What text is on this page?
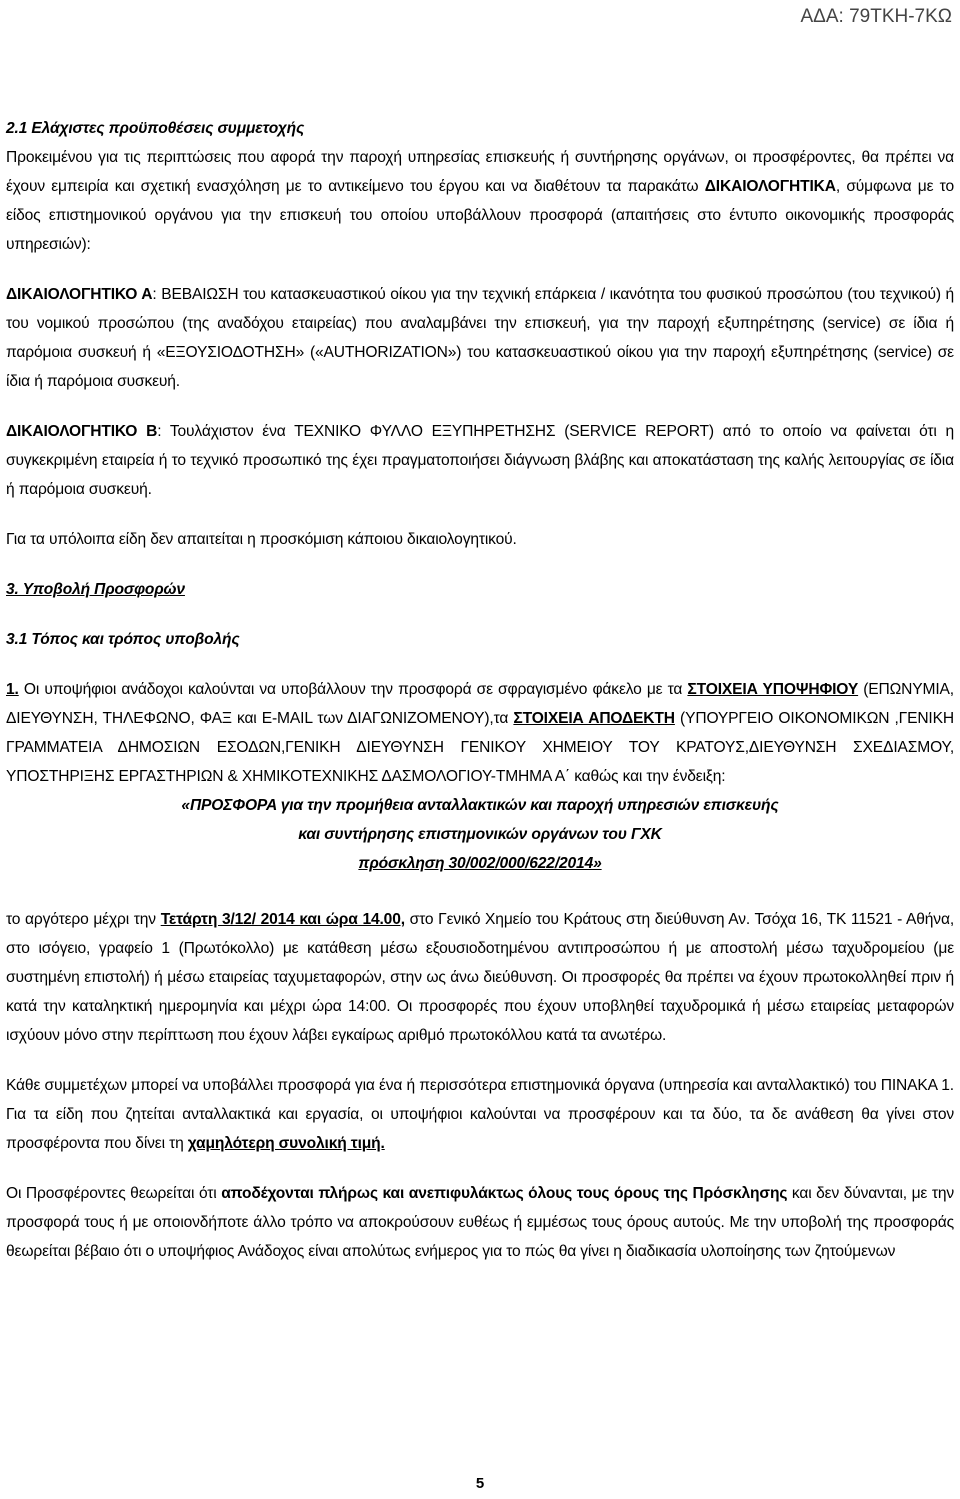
ΑΔΑ: 79ΤΚΗ-7ΚΩ

2.1 Ελάχιστες προϋποθέσεις συμμετοχής

Προκειμένου για τις περιπτώσεις που αφορά την παροχή υπηρεσίας επισκευής ή συντήρησης οργάνων, οι προσφέροντες, θα πρέπει να έχουν εμπειρία και σχετική ενασχόληση με το αντικείμενο του έργου και να διαθέτουν τα παρακάτω ΔΙΚΑΙΟΛΟΓΗΤΙΚΑ, σύμφωνα με το είδος επιστημονικού οργάνου για την επισκευή του οποίου υποβάλλουν προσφορά (απαιτήσεις στο έντυπο οικονομικής προσφοράς υπηρεσιών):

ΔΙΚΑΙΟΛΟΓΗΤΙΚΟ Α: ΒΕΒΑΙΩΣΗ του κατασκευαστικού οίκου για την τεχνική επάρκεια / ικανότητα του φυσικού προσώπου (του τεχνικού) ή του νομικού προσώπου (της αναδόχου εταιρείας) που αναλαμβάνει την επισκευή, για την παροχή εξυπηρέτησης (service) σε ίδια ή παρόμοια συσκευή ή «ΕΞΟΥΣΙΟΔΟΤΗΣΗ» («AUTHORIZATION») του κατασκευαστικού οίκου για την παροχή εξυπηρέτησης (service) σε ίδια ή παρόμοια συσκευή.

ΔΙΚΑΙΟΛΟΓΗΤΙΚΟ Β: Τουλάχιστον ένα ΤΕΧΝΙΚΟ ΦΥΛΛΟ ΕΞΥΠΗΡΕΤΗΣΗΣ (SERVICE REPORT) από το οποίο να φαίνεται ότι η συγκεκριμένη εταιρεία ή το τεχνικό προσωπικό της έχει πραγματοποιήσει διάγνωση βλάβης και αποκατάσταση της καλής λειτουργίας σε ίδια ή παρόμοια συσκευή.

Για τα υπόλοιπα είδη δεν απαιτείται η προσκόμιση κάποιου δικαιολογητικού.

3. Υποβολή Προσφορών

3.1 Τόπος και τρόπος υποβολής

1. Οι υποψήφιοι ανάδοχοι καλούνται να υποβάλλουν την προσφορά σε σφραγισμένο φάκελο με τα ΣΤΟΙΧΕΙΑ ΥΠΟΨΗΦΙΟΥ (ΕΠΩΝΥΜΙΑ, ΔΙΕΥΘΥΝΣΗ, ΤΗΛΕΦΩΝΟ, ΦΑΞ και E-MAIL των ΔΙΑΓΩΝΙΖΟΜΕΝΟΥ),τα ΣΤΟΙΧΕΙΑ ΑΠΟΔΕΚΤΗ (ΥΠΟΥΡΓΕΙΟ ΟΙΚΟΝΟΜΙΚΩΝ ,ΓΕΝΙΚΗ ΓΡΑΜΜΑΤΕΙΑ ΔΗΜΟΣΙΩΝ ΕΣΟΔΩΝ,ΓΕΝΙΚΗ ΔΙΕΥΘΥΝΣΗ ΓΕΝΙΚΟΥ ΧΗΜΕΙΟΥ ΤΟΥ ΚΡΑΤΟΥΣ,ΔΙΕΥΘΥΝΣΗ ΣΧΕΔΙΑΣΜΟΥ, ΥΠΟΣΤΗΡΙΞΗΣ ΕΡΓΑΣΤΗΡΙΩΝ & ΧΗΜΙΚΟΤΕΧΝΙΚΗΣ ΔΑΣΜΟΛΟΓΙΟΥ-ΤΜΗΜΑ Α΄ καθώς και την ένδειξη:

«ΠΡΟΣΦΟΡΑ για την προμήθεια ανταλλακτικών και παροχή υπηρεσιών επισκευής
και συντήρησης επιστημονικών οργάνων του ΓΧΚ
πρόσκληση 30/002/000/622/2014»

το αργότερο μέχρι την Τετάρτη 3/12/ 2014 και ώρα 14.00, στο Γενικό Χημείο του Κράτους στη διεύθυνση Αν. Τσόχα 16, ΤΚ 11521 - Αθήνα, στο ισόγειο, γραφείο 1 (Πρωτόκολλο) με κατάθεση μέσω εξουσιοδοτημένου αντιπροσώπου ή με αποστολή μέσω ταχυδρομείου (με συστημένη επιστολή) ή μέσω εταιρείας ταχυμεταφορών, στην ως άνω διεύθυνση. Οι προσφορές θα πρέπει να έχουν πρωτοκολληθεί πριν ή κατά την καταληκτική ημερομηνία και μέχρι ώρα 14:00. Οι προσφορές που έχουν υποβληθεί ταχυδρομικά ή μέσω εταιρείας μεταφορών ισχύουν μόνο στην περίπτωση που έχουν λάβει εγκαίρως αριθμό πρωτοκόλλου κατά τα ανωτέρω.

Κάθε συμμετέχων μπορεί να υποβάλλει προσφορά για ένα ή περισσότερα επιστημονικά όργανα (υπηρεσία και ανταλλακτικό) του ΠΙΝΑΚΑ 1. Για τα είδη που ζητείται ανταλλακτικά και εργασία, οι υποψήφιοι καλούνται να προσφέρουν και τα δύο, τα δε ανάθεση θα γίνει στον προσφέροντα που δίνει τη χαμηλότερη συνολική τιμή.

Οι Προσφέροντες θεωρείται ότι αποδέχονται πλήρως και ανεπιφυλάκτως όλους τους όρους της Πρόσκλησης και δεν δύνανται, με την προσφορά τους ή με οποιονδήποτε άλλο τρόπο να αποκρούσουν ευθέως ή εμμέσως τους όρους αυτούς. Με την υποβολή της προσφοράς θεωρείται βέβαιο ότι ο υποψήφιος Ανάδοχος είναι απολύτως ενήμερος για το πώς θα γίνει η διαδικασία υλοποίησης των ζητούμενων

5
